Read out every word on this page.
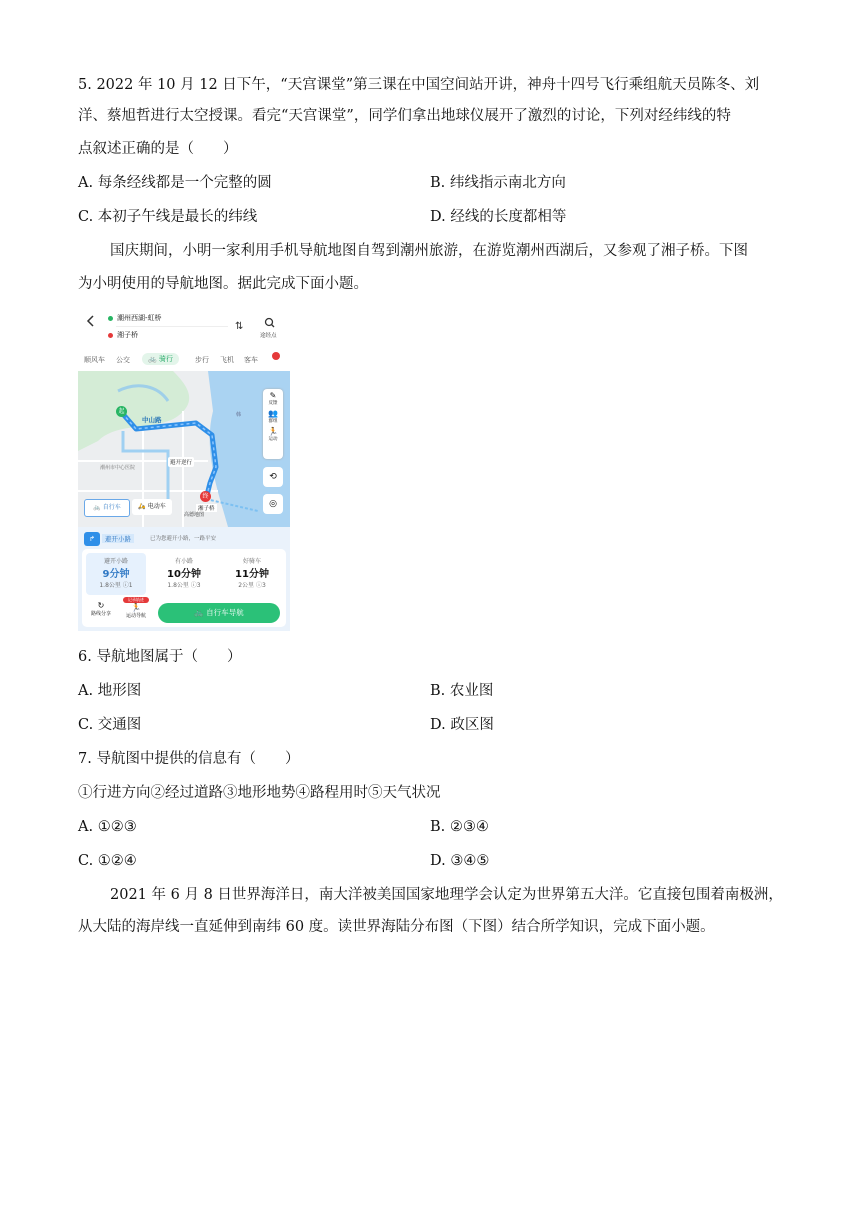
5. 2022 年 10 月 12 日下午，“天宫课堂”第三课在中国空间站开讲，神舟十四号飞行乘组航天员陈冬、刘
洋、蔡旭哲进行太空授课。看完“天宫课堂”，同学们拿出地球仪展开了激烈的讨论，下列对经纬线的特
点叙述正确的是（　　）
A. 每条经线都是一个完整的圆	B. 纬线指示南北方向
C. 本初子午线是最长的纬线	D. 经线的长度都相等
国庆期间，小明一家利用手机导航地图自驾到潮州旅游，在游览潮州西湖后，又参观了湘子桥。下图
为小明使用的导航地图。据此完成下面小题。
潮州西湖-虹桥
湘子桥
⇅
途经点
顺风车 公交	🚲 骑行	步行 飞机 客车
起
终
中山路
避开逆行
湘子桥
高德地图
潮州市中心医院
韩
✎
反馈
👥
群组
🏃
运动
⟲
◎
🚲 自行车	🛵 电动车
↱	避开小路	已为您避开小路，一路平安
避开小路
9分钟
1.8公里 ⓘ1
有小路
10分钟
1.8公里 ⓘ3
好骑车
11分钟
2公里 ⓘ3
↻
路线分享
记录轨迹
🏃
运动导航	🚲 自行车导航
6. 导航地图属于（　　）
A. 地形图	B. 农业图
C. 交通图	D. 政区图
7. 导航图中提供的信息有（　　）
①行进方向②经过道路③地形地势④路程用时⑤天气状况
A. ①②③	B. ②③④
C. ①②④	D. ③④⑤
2021 年 6 月 8 日世界海洋日，南大洋被美国国家地理学会认定为世界第五大洋。它直接包围着南极洲，
从大陆的海岸线一直延伸到南纬 60 度。读世界海陆分布图（下图）结合所学知识，完成下面小题。
